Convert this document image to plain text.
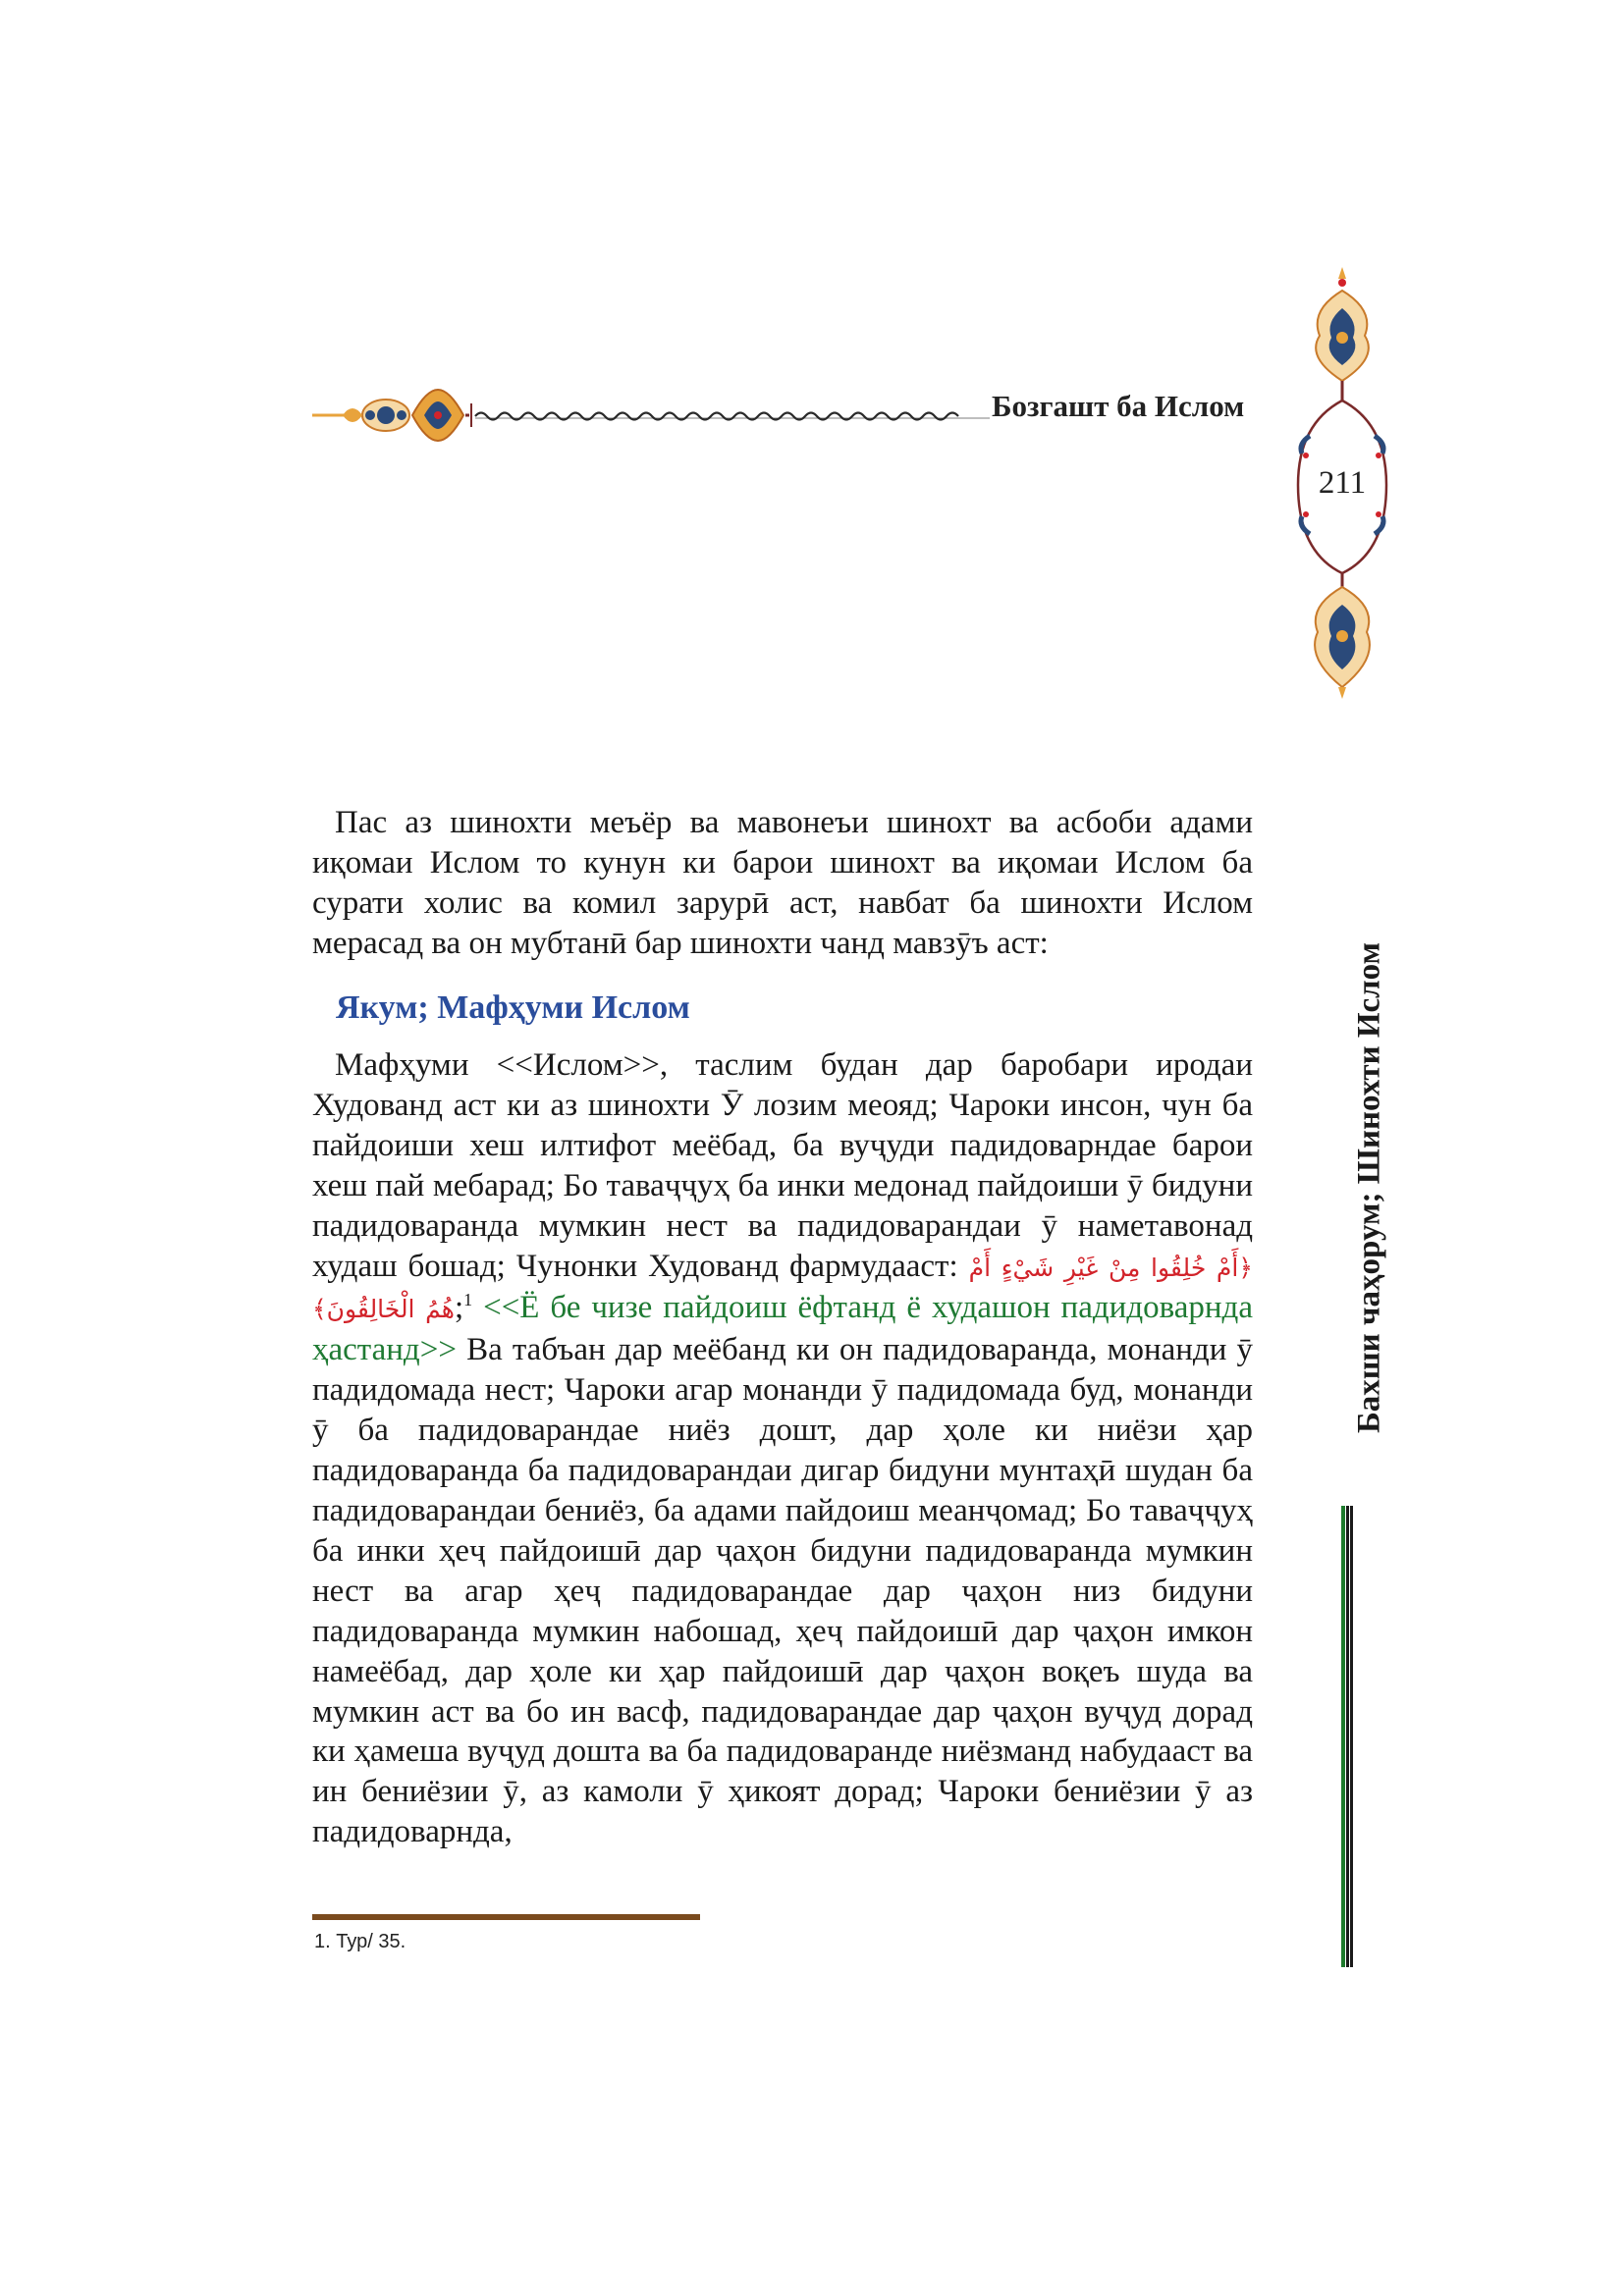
Бозгашт ба Ислом
211
Бахши чаҳорум; Шинохти Ислом

Пас аз шинохти меъёр ва мавонеъи шинохт ва асбоби адами иқомаи Ислом то кунун ки барои шинохт ва иқомаи Ислом ба сурати холис ва комил зарурӣ аст, навбат ба шинохти Ислом мерасад ва он мубтанӣ бар шинохти чанд мавзӯъ аст:

Якум; Мафҳуми Ислом

Мафҳуми <<Ислом>>, таслим будан дар баробари иродаи Худованд аст ки аз шинохти Ӯ лозим меояд; Чароки инсон, чун ба пайдоиши хеш илтифот меёбад, ба вуҷуди падидоварндае барои хеш пай мебарад; Бо таваҷҷуҳ ба инки медонад пайдоиши ӯ бидуни падидоваранда мумкин нест ва падидоварандаи ӯ наметавонад худаш бошад; Чунонки Худованд фармудааст: ﴿أَمْ خُلِقُوا مِنْ غَيْرِ شَيْءٍ أَمْ هُمُ الْخَالِقُونَ﴾;$^1$ <<Ё бе чизе пайдоиш ёфтанд ё худашон падидоварнда ҳастанд>> Ва табъан дар меёбанд ки он падидоваранда, монанди ӯ падидомада нест; Чароки агар монанди ӯ падидомада буд, монанди ӯ ба падидоварандае ниёз дошт, дар ҳоле ки ниёзи ҳар падидоваранда ба падидоварандаи дигар бидуни мунтаҳӣ шудан ба падидоварандаи бениёз, ба адами пайдоиш меанҷомад; Бо таваҷҷуҳ ба инки ҳеҷ пайдоишӣ дар ҷаҳон бидуни падидоваранда мумкин нест ва агар ҳеҷ падидоварандае дар ҷаҳон низ бидуни падидоваранда мумкин набошад, ҳеҷ пайдоишӣ дар ҷаҳон имкон намеёбад, дар ҳоле ки ҳар пайдоишӣ дар ҷаҳон воқеъ шуда ва мумкин аст ва бо ин васф, падидоварандае дар ҷаҳон вуҷуд дорад ки ҳамеша вуҷуд дошта ва ба падидоваранде ниёзманд набудааст ва ин бениёзии ӯ, аз камоли ӯ ҳикоят дорад; Чароки бениёзии ӯ аз падидоварнда,

1. Тур/ 35.
